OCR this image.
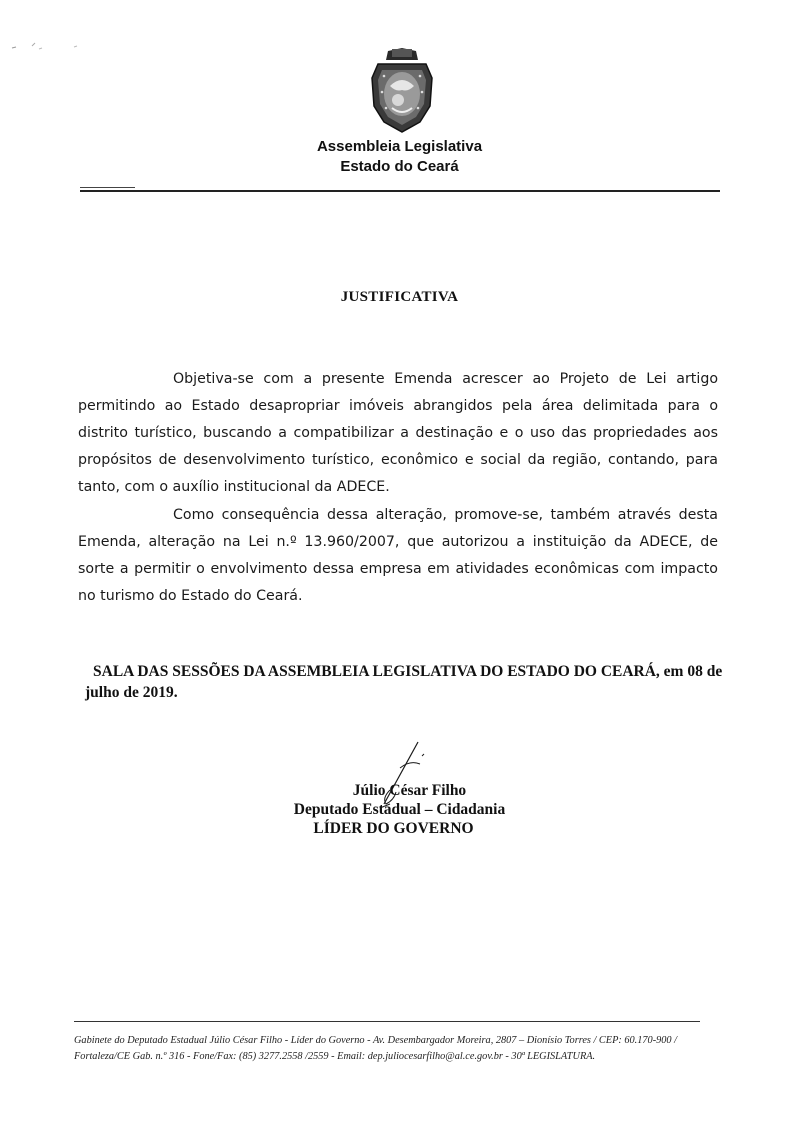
Assembleia Legislativa
Estado do Ceará
JUSTIFICATIVA
Objetiva-se com a presente Emenda acrescer ao Projeto de Lei artigo permitindo ao Estado desapropriar imóveis abrangidos pela área delimitada para o distrito turístico, buscando a compatibilizar a destinação e o uso das propriedades aos propósitos de desenvolvimento turístico, econômico e social da região, contando, para tanto, com o auxílio institucional da ADECE.
Como consequência dessa alteração, promove-se, também através desta Emenda, alteração na Lei n.º 13.960/2007, que autorizou a instituição da ADECE, de sorte a permitir o envolvimento dessa empresa em atividades econômicas com impacto no turismo do Estado do Ceará.
SALA DAS SESSÕES DA ASSEMBLEIA LEGISLATIVA DO ESTADO DO CEARÁ, em 08 de julho de 2019.
Júlio César Filho
Deputado Estadual – Cidadania
LÍDER DO GOVERNO
Gabinete do Deputado Estadual Júlio César Filho - Líder do Governo - Av. Desembargador Moreira, 2807 – Dionísio Torres / CEP: 60.170-900 / Fortaleza/CE Gab. n.º 316 - Fone/Fax: (85) 3277.2558 /2559 - Email: dep.juliocesarfilho@al.ce.gov.br - 30ª LEGISLATURA.
